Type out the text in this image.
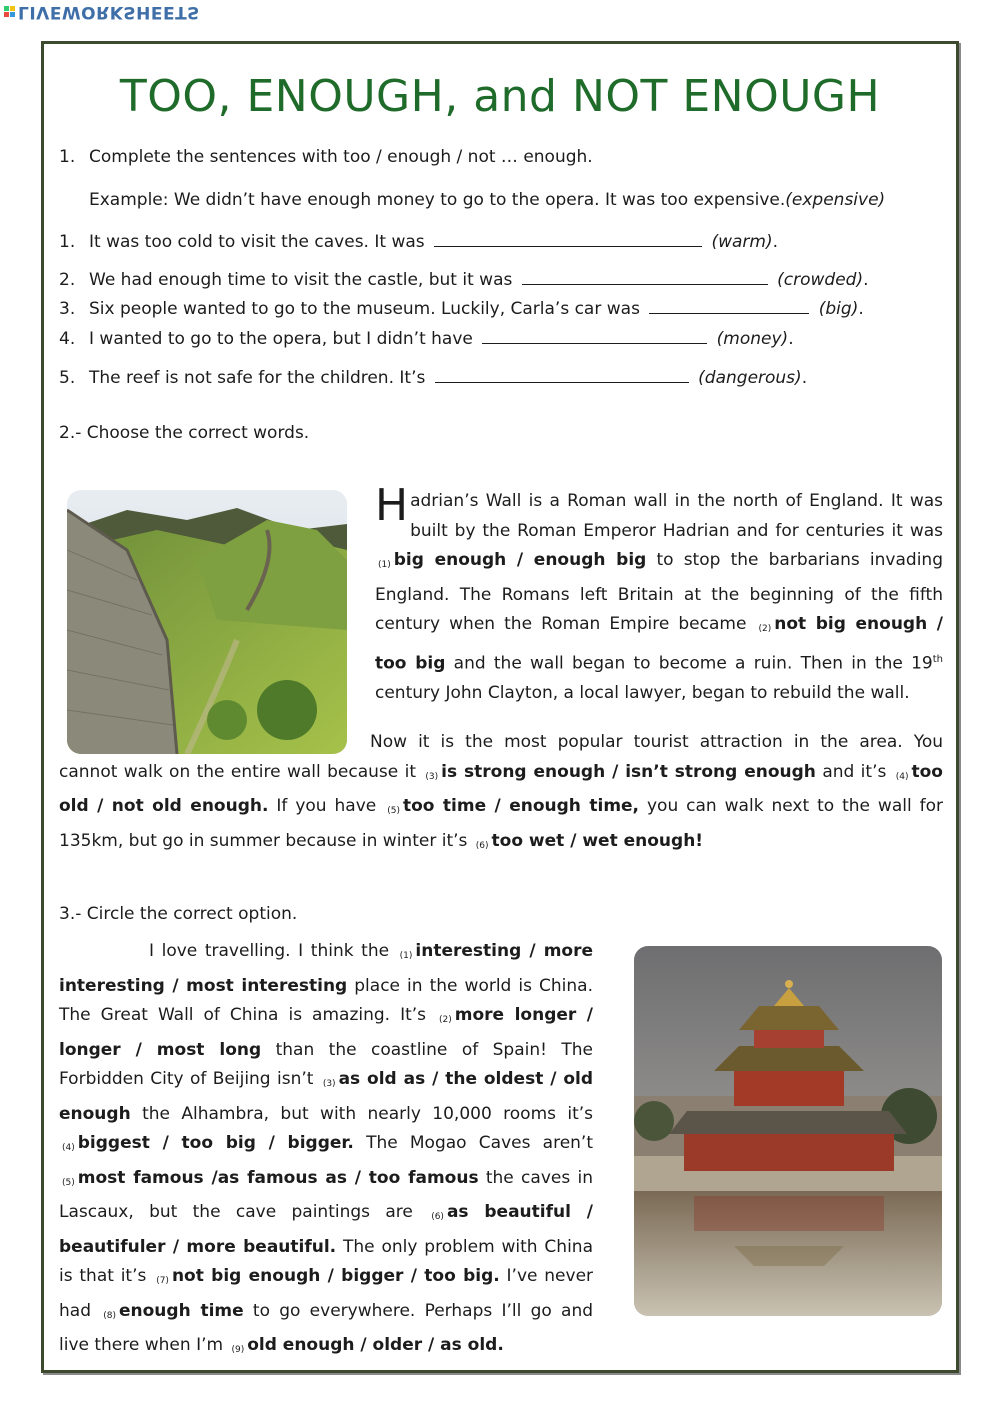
LIVEWORKSHEETS
TOO, ENOUGH, and NOT ENOUGH
1. Complete the sentences with too / enough / not … enough.
Example: We didn’t have enough money to go to the opera. It was too expensive.(expensive)
1. It was too cold to visit the caves. It was	(warm).
2. We had enough time to visit the castle, but it was	(crowded).
3. Six people wanted to go to the museum. Luckily, Carla’s car was	(big).
4. I wanted to go to the opera, but I didn’t have	(money).
5. The reef is not safe for the children. It’s	(dangerous).
2.- Choose the correct words.
Hadrian’s Wall is a Roman wall in the north of England. It was built by the Roman Emperor Hadrian and for centuries it was $_{(1)}$ big enough / enough big to stop the barbarians invading England. The Romans left Britain at the beginning of the fifth century when the Roman Empire became $_{(2)}$ not big enough / too big and the wall began to become a ruin. Then in the 19th century John Clayton, a local lawyer, began to rebuild the wall.
Now it is the most popular tourist attraction in the area. You cannot walk on the entire wall because it $_{(3)}$ is strong enough / isn’t strong enough and it’s $_{(4)}$ too old / not old enough. If you have $_{(5)}$ too time / enough time, you can walk next to the wall for 135km, but go in summer because in winter it’s $_{(6)}$ too wet / wet enough!
3.- Circle the correct option.
I love travelling. I think the $_{(1)}$ interesting / more interesting / most interesting place in the world is China. The Great Wall of China is amazing. It’s $_{(2)}$ more longer / longer / most long than the coastline of Spain! The Forbidden City of Beijing isn’t $_{(3)}$ as old as / the oldest / old enough the Alhambra, but with nearly 10,000 rooms it’s $_{(4)}$ biggest / too big / bigger. The Mogao Caves aren’t $_{(5)}$ most famous /as famous as / too famous the caves in Lascaux, but the cave paintings are $_{(6)}$ as beautiful / beautifuler / more beautiful. The only problem with China is that it’s $_{(7)}$ not big enough / bigger / too big. I’ve never had $_{(8)}$ enough time to go everywhere. Perhaps I’ll go and live there when I’m $_{(9)}$ old enough / older / as old.
